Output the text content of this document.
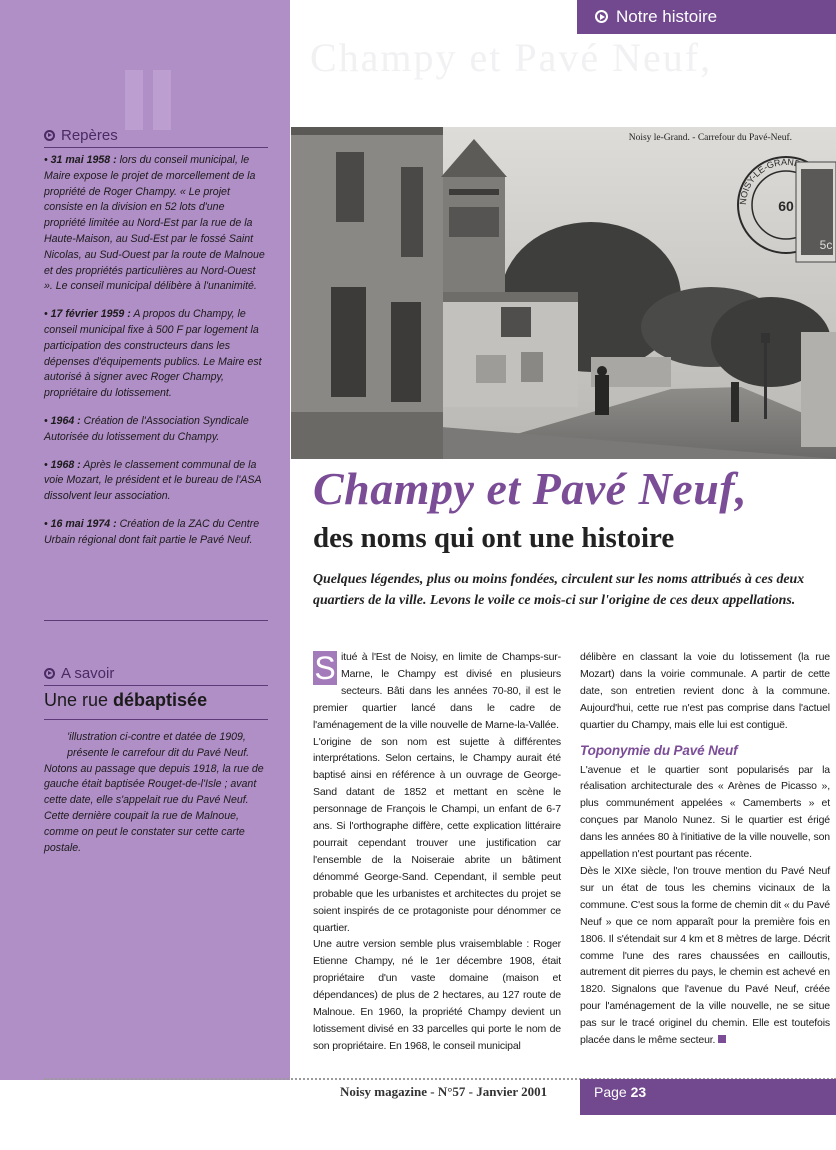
Repères
• 31 mai 1958 : lors du conseil municipal, le Maire expose le projet de morcellement de la propriété de Roger Champy. « Le projet consiste en la division en 52 lots d'une propriété limitée au Nord-Est par la rue de la Haute-Maison, au Sud-Est par le fossé Saint Nicolas, au Sud-Ouest par la route de Malnoue et des propriétés particulières au Nord-Ouest ». Le conseil municipal délibère à l'unanimité.
• 17 février 1959 : A propos du Champy, le conseil municipal fixe à 500 F par logement la participation des constructeurs dans les dépenses d'équipements publics. Le Maire est autorisé à signer avec Roger Champy, propriétaire du lotissement.
• 1964 : Création de l'Association Syndicale Autorisée du lotissement du Champy.
• 1968 : Après le classement communal de la voie Mozart, le président et le bureau de l'ASA dissolvent leur association.
• 16 mai 1974 : Création de la ZAC du Centre Urbain régional dont fait partie le Pavé Neuf.
A savoir
Une rue débaptisée
L 'illustration ci-contre et datée de 1909, présente le carrefour dit du Pavé Neuf. Notons au passage que depuis 1918, la rue de gauche était baptisée Rouget-de-l'Isle ; avant cette date, elle s'appelait rue du Pavé Neuf. Cette dernière coupait la rue de Malnoue, comme on peut le constater sur cette carte postale.
Notre histoire
Champy et Pavé Neuf,
60
NOISY-LE-GRAN
5c
Noisy le-Grand. - Carrefour du Pavé-Neuf.
Champy et Pavé Neuf,
des noms qui ont une histoire
Quelques légendes, plus ou moins fondées, circulent sur les noms attribués à ces deux quartiers de la ville. Levons le voile ce mois-ci sur l'origine de ces deux appellations.

S itué à l'Est de Noisy, en limite de Champs-sur-Marne, le Champy est divisé en plusieurs secteurs. Bâti dans les années 70-80, il est le premier quartier lancé dans le cadre de l'aménagement de la ville nouvelle de Marne-la-Vallée.

L'origine de son nom est sujette à différentes interprétations. Selon certains, le Champy aurait été baptisé ainsi en référence à un ouvrage de George-Sand datant de 1852 et mettant en scène le personnage de François le Champi, un enfant de 6-7 ans. Si l'orthographe diffère, cette explication littéraire pourrait cependant trouver une justification car l'ensemble de la Noiseraie abrite un bâtiment dénommé George-Sand. Cependant, il semble peut probable que les urbanistes et architectes du projet se soient inspirés de ce protagoniste pour dénommer ce quartier.

Une autre version semble plus vraisemblable : Roger Etienne Champy, né le 1er décembre 1908, était propriétaire d'un vaste domaine (maison et dépendances) de plus de 2 hectares, au 127 route de Malnoue. En 1960, la propriété Champy devient un lotissement divisé en 33 parcelles qui porte le nom de son propriétaire. En 1968, le conseil municipal

délibère en classant la voie du lotissement (la rue Mozart) dans la voirie communale. A partir de cette date, son entretien revient donc à la commune. Aujourd'hui, cette rue n'est pas comprise dans l'actuel quartier du Champy, mais elle lui est contiguë.

Toponymie du Pavé Neuf

L'avenue et le quartier sont popularisés par la réalisation architecturale des « Arènes de Picasso », plus communément appelées « Camemberts » et conçues par Manolo Nunez. Si le quartier est érigé dans les années 80 à l'initiative de la ville nouvelle, son appellation n'est pourtant pas récente.

Dès le XIXe siècle, l'on trouve mention du Pavé Neuf sur un état de tous les chemins vicinaux de la commune. C'est sous la forme de chemin dit « du Pavé Neuf » que ce nom apparaît pour la première fois en 1806. Il s'étendait sur 4 km et 8 mètres de large. Décrit comme l'une des rares chaussées en cailloutis, autrement dit pierres du pays, le chemin est achevé en 1820. Signalons que l'avenue du Pavé Neuf, créée pour l'aménagement de la ville nouvelle, ne se situe pas sur le tracé originel du chemin. Elle est toutefois placée dans le même secteur.

Noisy magazine - N°57 - Janvier 2001	Page 23
